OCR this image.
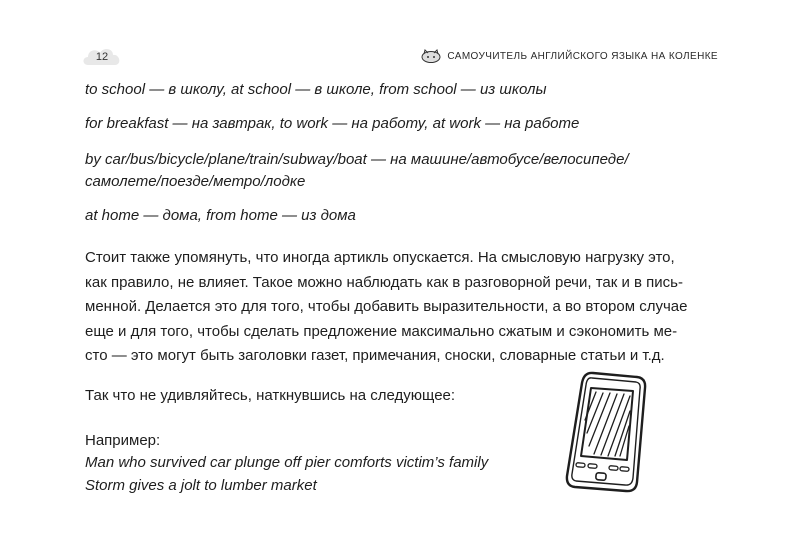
12	САМОУЧИТЕЛЬ АНГЛИЙСКОГО ЯЗЫКА НА КОЛЕНКЕ

to school — в школу, at school — в школе, from school — из школы

for breakfast — на завтрак, to work — на работу, at work — на работе

by car/bus/bicycle/plane/train/subway/boat — на машине/автобусе/велосипеде/

самолете/поезде/метро/лодке

at home — дома, from home — из дома

Стоит также упомянуть, что иногда артикль опускается. На смысловую нагрузку это,
как правило, не влияет. Такое можно наблюдать как в разговорной речи, так и в пись-
менной. Делается это для того, чтобы добавить выразительности, а во втором случае
еще и для того, чтобы сделать предложение максимально сжатым и сэкономить ме-
сто — это могут быть заголовки газет, примечания, сноски, словарные статьи и т.д.

Так что не удивляйтесь, наткнувшись на следующее:

Например:

Man who survived car plunge off pier comforts victim’s family

Storm gives a jolt to lumber market
